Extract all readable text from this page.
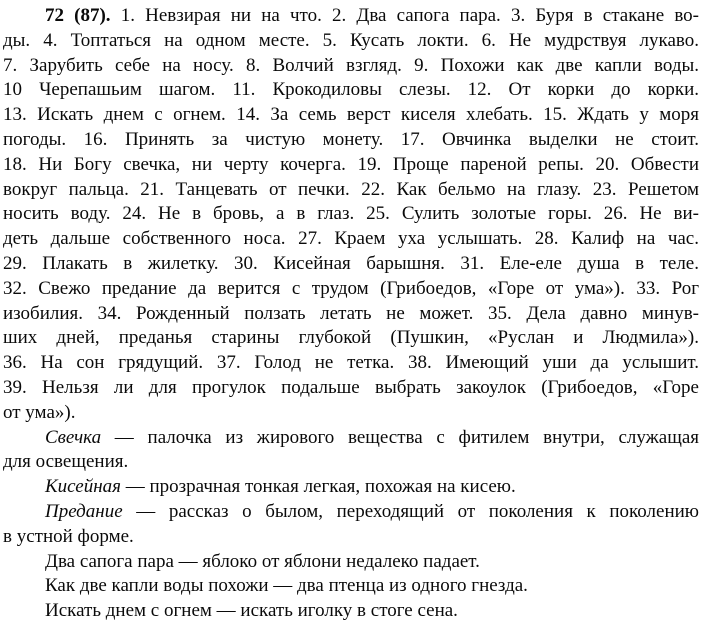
72 (87). 1. Невзирая ни на что. 2. Два сапога пара. 3. Буря в стакане во-
ды. 4. Топтаться на одном месте. 5. Кусать локти. 6. Не мудрствуя лукаво.
7. Зарубить себе на носу. 8. Волчий взгляд. 9. Похожи как две капли воды.
10 Черепашьим шагом. 11. Крокодиловы слезы. 12. От корки до корки.
13. Искать днем с огнем. 14. За семь верст киселя хлебать. 15. Ждать у моря
погоды. 16. Принять за чистую монету. 17. Овчинка выделки не стоит.
18. Ни Богу свечка, ни черту кочерга. 19. Проще пареной репы. 20. Обвести
вокруг пальца. 21. Танцевать от печки. 22. Как бельмо на глазу. 23. Решетом
носить воду. 24. Не в бровь, а в глаз. 25. Сулить золотые горы. 26. Не ви-
деть дальше собственного носа. 27. Краем уха услышать. 28. Калиф на час.
29. Плакать в жилетку. 30. Кисейная барышня. 31. Еле-еле душа в теле.
32. Свежо предание да верится с трудом (Грибоедов, «Горе от ума»). 33. Рог
изобилия. 34. Рожденный ползать летать не может. 35. Дела давно минув-
ших дней, преданья старины глубокой (Пушкин, «Руслан и Людмила»).
36. На сон грядущий. 37. Голод не тетка. 38. Имеющий уши да услышит.
39. Нельзя ли для прогулок подальше выбрать закоулок (Грибоедов, «Горе
от ума»).
Свечка — палочка из жирового вещества с фитилем внутри, служащая
для освещения.
Кисейная — прозрачная тонкая легкая, похожая на кисею.
Предание — рассказ о былом, переходящий от поколения к поколению
в устной форме.
Два сапога пара — яблоко от яблони недалеко падает.
Как две капли воды похожи — два птенца из одного гнезда.
Искать днем с огнем — искать иголку в стоге сена.
